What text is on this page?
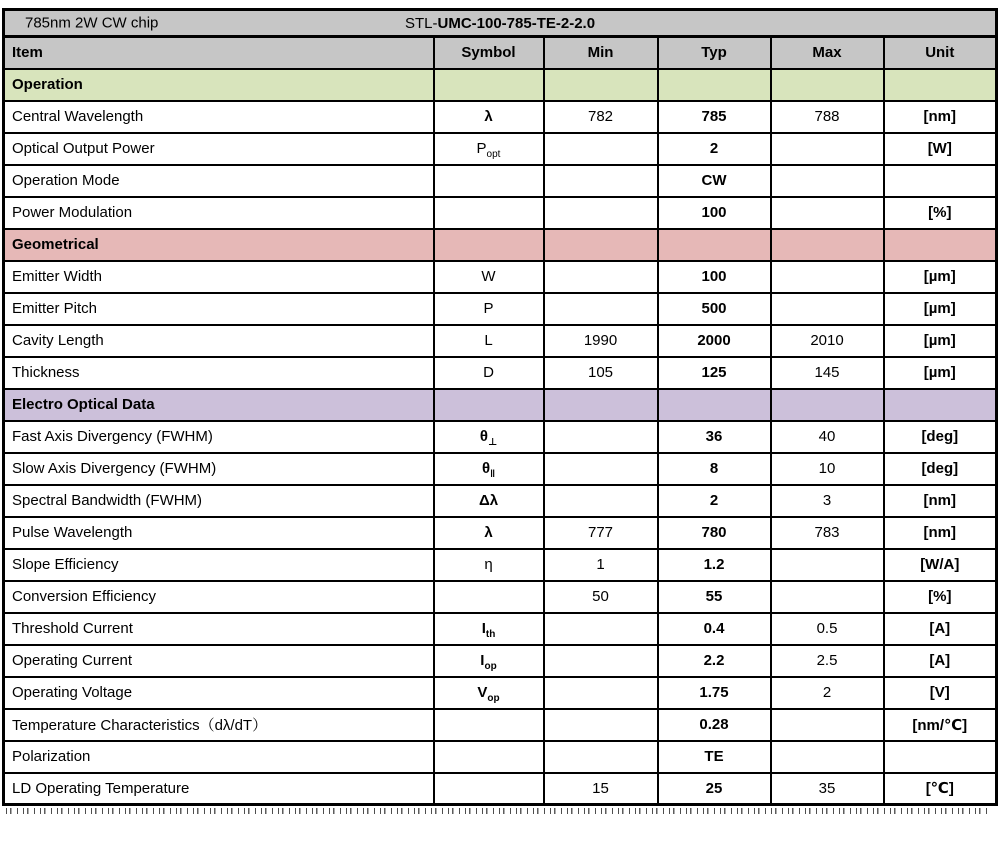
785nm 2W CW chip STL-UMC-100-785-TE-2-2.0					
Item	Symbol	Min	Typ	Max	Unit
Operation					
Central Wavelength	λ	782	785	788	[nm]
Optical Output Power	$P_{opt}$		2		[W]
Operation Mode			CW		
Power Modulation			100		[%]
Geometrical					
Emitter Width	W		100		[µm]
Emitter Pitch	P		500		[µm]
Cavity Length	L	1990	2000	2010	[µm]
Thickness	D	105	125	145	[µm]
Electro Optical Data					
Fast Axis Divergency (FWHM)	$\theta_\perp$		36	40	[deg]
Slow Axis Divergency (FWHM)	$\theta_‖$		8	10	[deg]
Spectral Bandwidth (FWHM)	Δλ		2	3	[nm]
Pulse Wavelength	λ	777	780	783	[nm]
Slope Efficiency	η	1	1.2		[W/A]
Conversion Efficiency		50	55		[%]
Threshold Current	$I_{th}$		0.4	0.5	[A]
Operating Current	$I_{op}$		2.2	2.5	[A]
Operating Voltage	$V_{op}$		1.75	2	[V]
Temperature Characteristics（dλ/dT）			0.28		[nm/℃]
Polarization			TE		
LD Operating Temperature		15	25	35	[℃]
